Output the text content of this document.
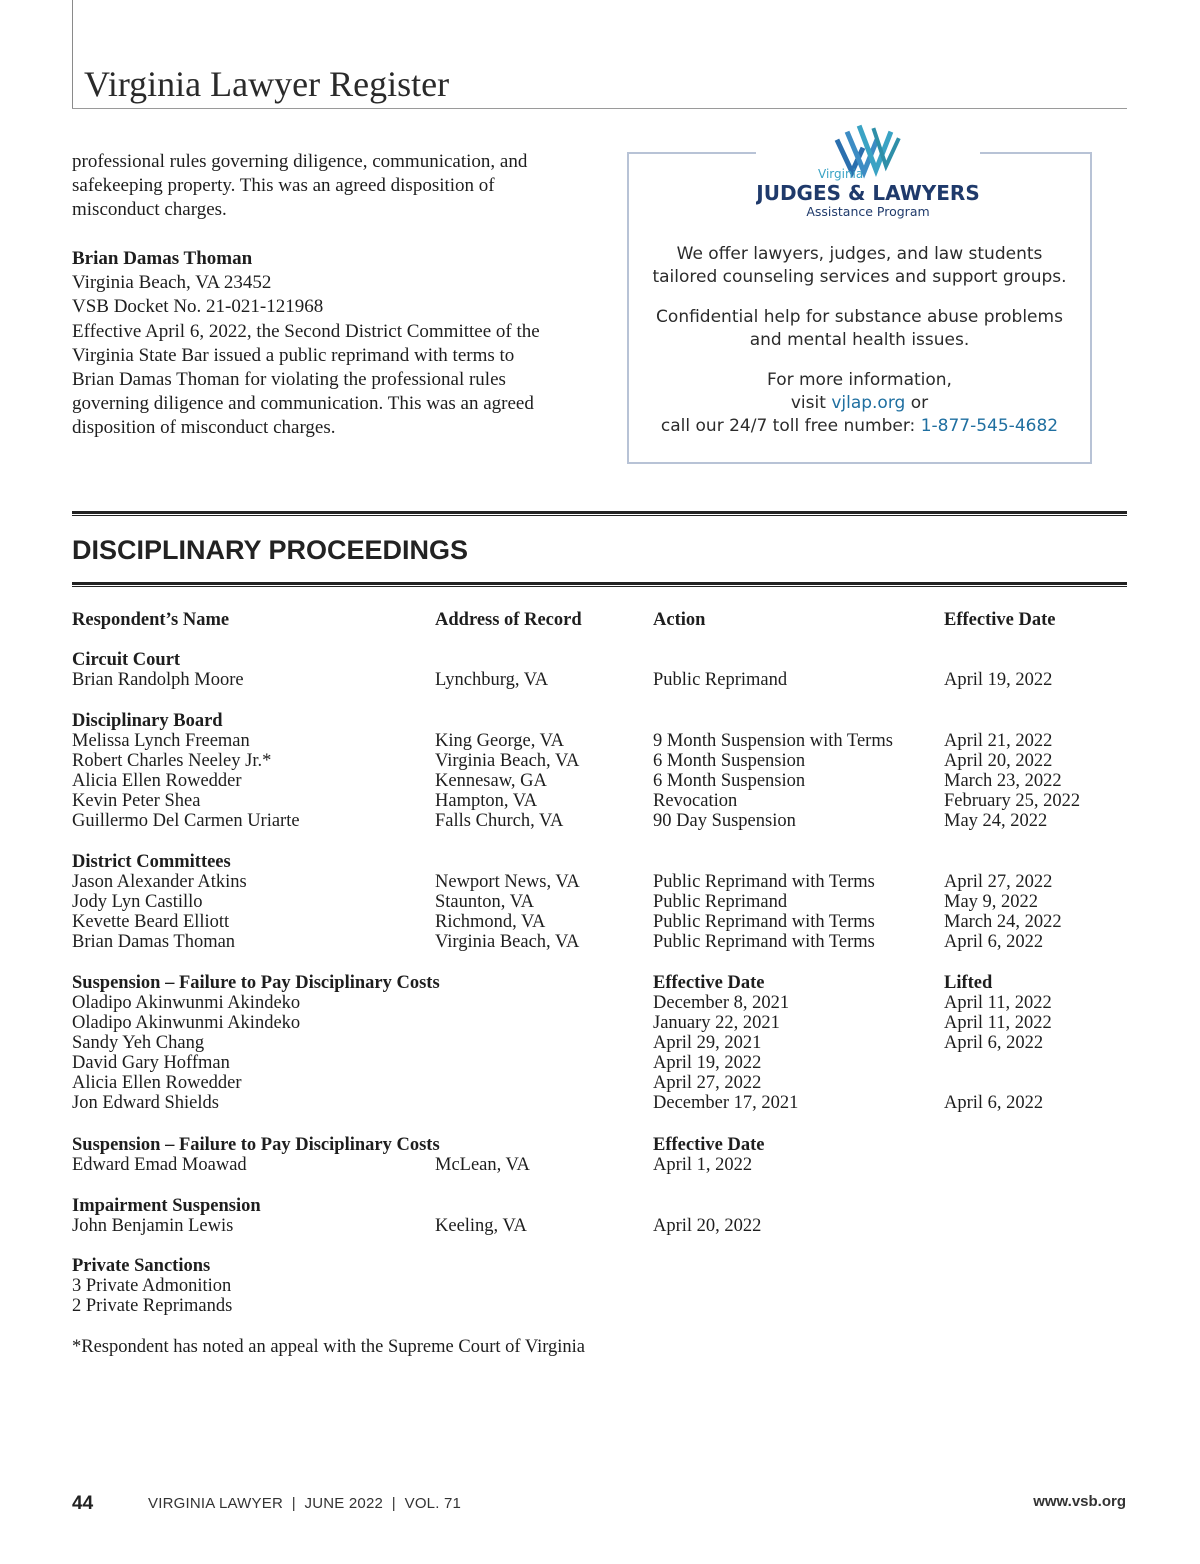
Virginia Lawyer Register
professional rules governing diligence, communication, and
safekeeping property. This was an agreed disposition of
misconduct charges.
Brian Damas Thoman
Virginia Beach, VA 23452
VSB Docket No. 21-021-121968
Effective April 6, 2022, the Second District Committee of the
Virginia State Bar issued a public reprimand with terms to
Brian Damas Thoman for violating the professional rules
governing diligence and communication. This was an agreed
disposition of misconduct charges.
Virginia
JUDGES & LAWYERS
Assistance Program
We offer lawyers, judges, and law students
tailored counseling services and support groups.
Confidential help for substance abuse problems
and mental health issues.
For more information,
visit vjlap.org or
call our 24/7 toll free number: 1-877-545-4682
DISCIPLINARY PROCEEDINGS
Respondent’s Name	Address of Record	Action	Effective Date
Circuit Court
Brian Randolph Moore	Lynchburg, VA	Public Reprimand	April 19, 2022
Disciplinary Board
Melissa Lynch Freeman	King George, VA	9 Month Suspension with Terms	April 21, 2022
Robert Charles Neeley Jr.*	Virginia Beach, VA	6 Month Suspension	April 20, 2022
Alicia Ellen Rowedder	Kennesaw, GA	6 Month Suspension	March 23, 2022
Kevin Peter Shea	Hampton, VA	Revocation	February 25, 2022
Guillermo Del Carmen Uriarte	Falls Church, VA	90 Day Suspension	May 24, 2022
District Committees
Jason Alexander Atkins	Newport News, VA	Public Reprimand with Terms	April 27, 2022
Jody Lyn Castillo	Staunton, VA	Public Reprimand	May 9, 2022
Kevette Beard Elliott	Richmond, VA	Public Reprimand with Terms	March 24, 2022
Brian Damas Thoman	Virginia Beach, VA	Public Reprimand with Terms	April 6, 2022
Suspension – Failure to Pay Disciplinary Costs	Effective Date	Lifted
Oladipo Akinwunmi Akindeko	December 8, 2021	April 11, 2022
Oladipo Akinwunmi Akindeko	January 22, 2021	April 11, 2022
Sandy Yeh Chang	April 29, 2021	April 6, 2022
David Gary Hoffman	April 19, 2022
Alicia Ellen Rowedder	April 27, 2022
Jon Edward Shields	December 17, 2021	April 6, 2022
Suspension – Failure to Pay Disciplinary Costs	Effective Date
Edward Emad Moawad	McLean, VA	April 1, 2022
Impairment Suspension
John Benjamin Lewis	Keeling, VA	April 20, 2022
Private Sanctions
3 Private Admonition
2 Private Reprimands
*Respondent has noted an appeal with the Supreme Court of Virginia
44	VIRGINIA LAWYER  |  JUNE 2022  |  VOL. 71	www.vsb.org
